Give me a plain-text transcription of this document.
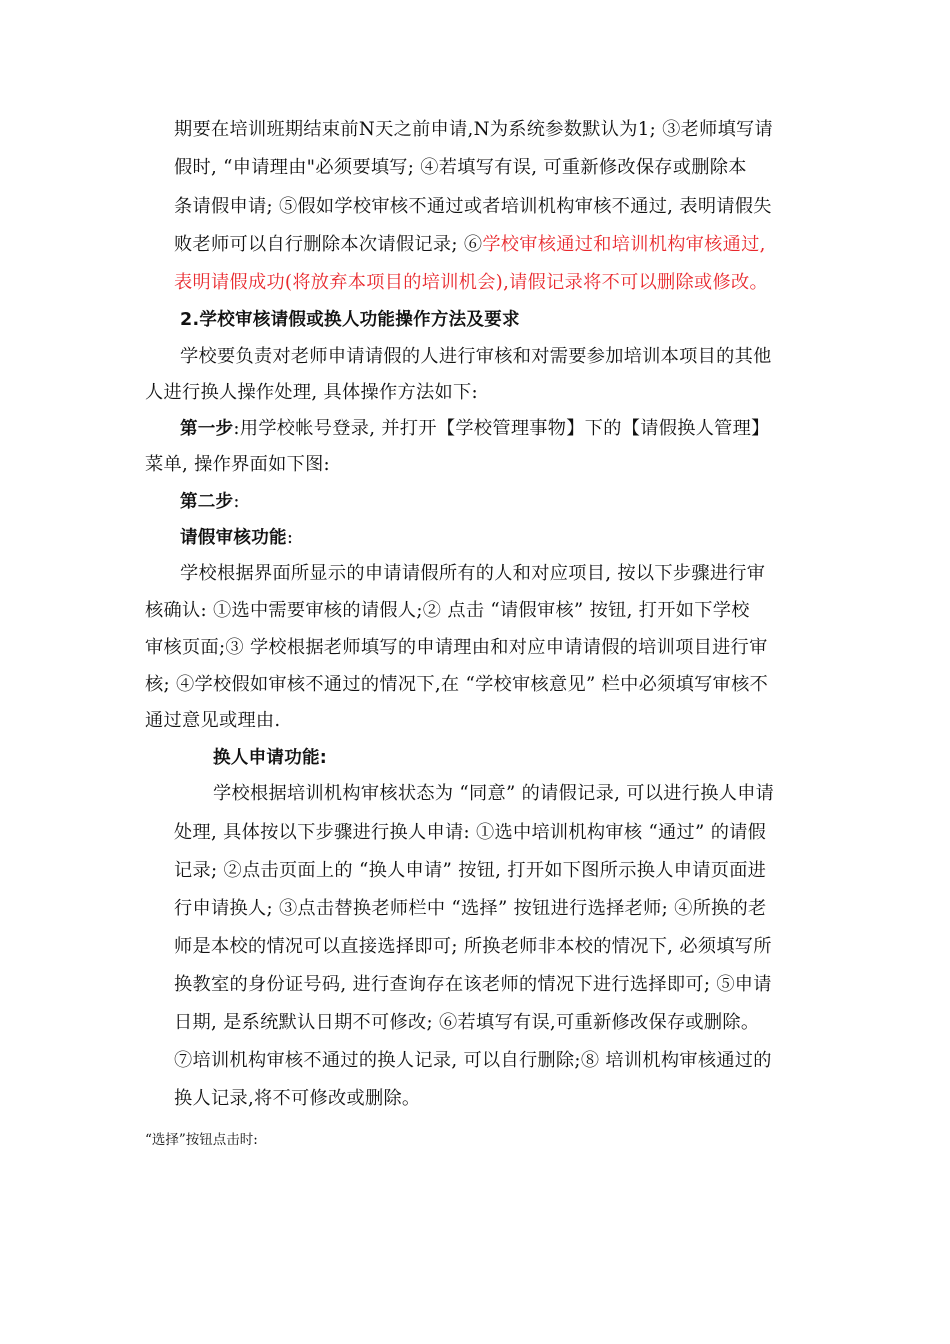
期要在培训班期结束前N天之前申请,N为系统参数默认为1; ③老师填写请
假时, “申请理由"必须要填写; ④若填写有误, 可重新修改保存或删除本
条请假申请; ⑤假如学校审核不通过或者培训机构审核不通过, 表明请假失
败老师可以自行删除本次请假记录; ⑥学校审核通过和培训机构审核通过,
表明请假成功(将放弃本项目的培训机会),请假记录将不可以删除或修改。
2.学校审核请假或换人功能操作方法及要求
学校要负责对老师申请请假的人进行审核和对需要参加培训本项目的其他
人进行换人操作处理, 具体操作方法如下:
第一步:用学校帐号登录, 并打开【学校管理事物】下的【请假换人管理】
菜单, 操作界面如下图:
第二步:
请假审核功能:
学校根据界面所显示的申请请假所有的人和对应项目, 按以下步骤进行审
核确认: ①选中需要审核的请假人;② 点击 “请假审核” 按钮, 打开如下学校
审核页面;③ 学校根据老师填写的申请理由和对应申请请假的培训项目进行审
核; ④学校假如审核不通过的情况下,在 “学校审核意见” 栏中必须填写审核不
通过意见或理由.
换人申请功能:
学校根据培训机构审核状态为 “同意” 的请假记录, 可以进行换人申请
处理, 具体按以下步骤进行换人申请: ①选中培训机构审核 “通过” 的请假
记录; ②点击页面上的 “换人申请” 按钮, 打开如下图所示换人申请页面进
行申请换人; ③点击替换老师栏中 “选择” 按钮进行选择老师; ④所换的老
师是本校的情况可以直接选择即可; 所换老师非本校的情况下, 必须填写所
换教室的身份证号码, 进行查询存在该老师的情况下进行选择即可; ⑤申请
日期, 是系统默认日期不可修改; ⑥若填写有误,可重新修改保存或删除。
⑦培训机构审核不通过的换人记录, 可以自行删除;⑧ 培训机构审核通过的
换人记录,将不可修改或删除。
“选择”按钮点击时:
